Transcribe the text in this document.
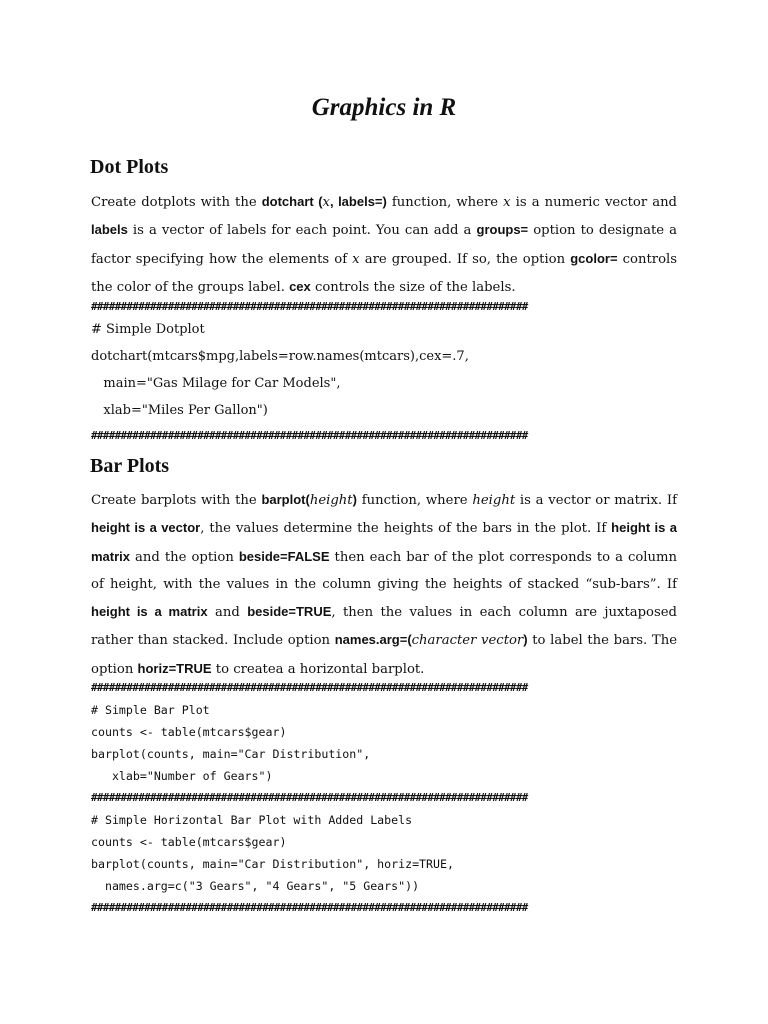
Graphics in R
Dot Plots

Create dotplots with the dotchart (x, labels=) function, where x is a numeric vector and labels is a vector of labels for each point. You can add a groups= option to designate a factor specifying how the elements of x are grouped. If so, the option gcolor= controls the color of the groups label. cex controls the size of the labels.

##########################################################################
# Simple Dotplot
dotchart(mtcars$mpg,labels=row.names(mtcars),cex=.7,
main="Gas Milage for Car Models",
xlab="Miles Per Gallon")
##########################################################################
Bar Plots

Create barplots with the barplot(height) function, where height is a vector or matrix. If height is a vector, the values determine the heights of the bars in the plot. If height is a matrix and the option beside=FALSE then each bar of the plot corresponds to a column of height, with the values in the column giving the heights of stacked “sub-bars”. If height is a matrix and beside=TRUE, then the values in each column are juxtaposed rather than stacked. Include option names.arg=(character vector) to label the bars. The option horiz=TRUE to createa a horizontal barplot.

##########################################################################
# Simple Bar Plot
counts <- table(mtcars$gear)
barplot(counts, main="Car Distribution",
xlab="Number of Gears")
##########################################################################
# Simple Horizontal Bar Plot with Added Labels
counts <- table(mtcars$gear)
barplot(counts, main="Car Distribution", horiz=TRUE,
names.arg=c("3 Gears", "4 Gears", "5 Gears"))
##########################################################################
